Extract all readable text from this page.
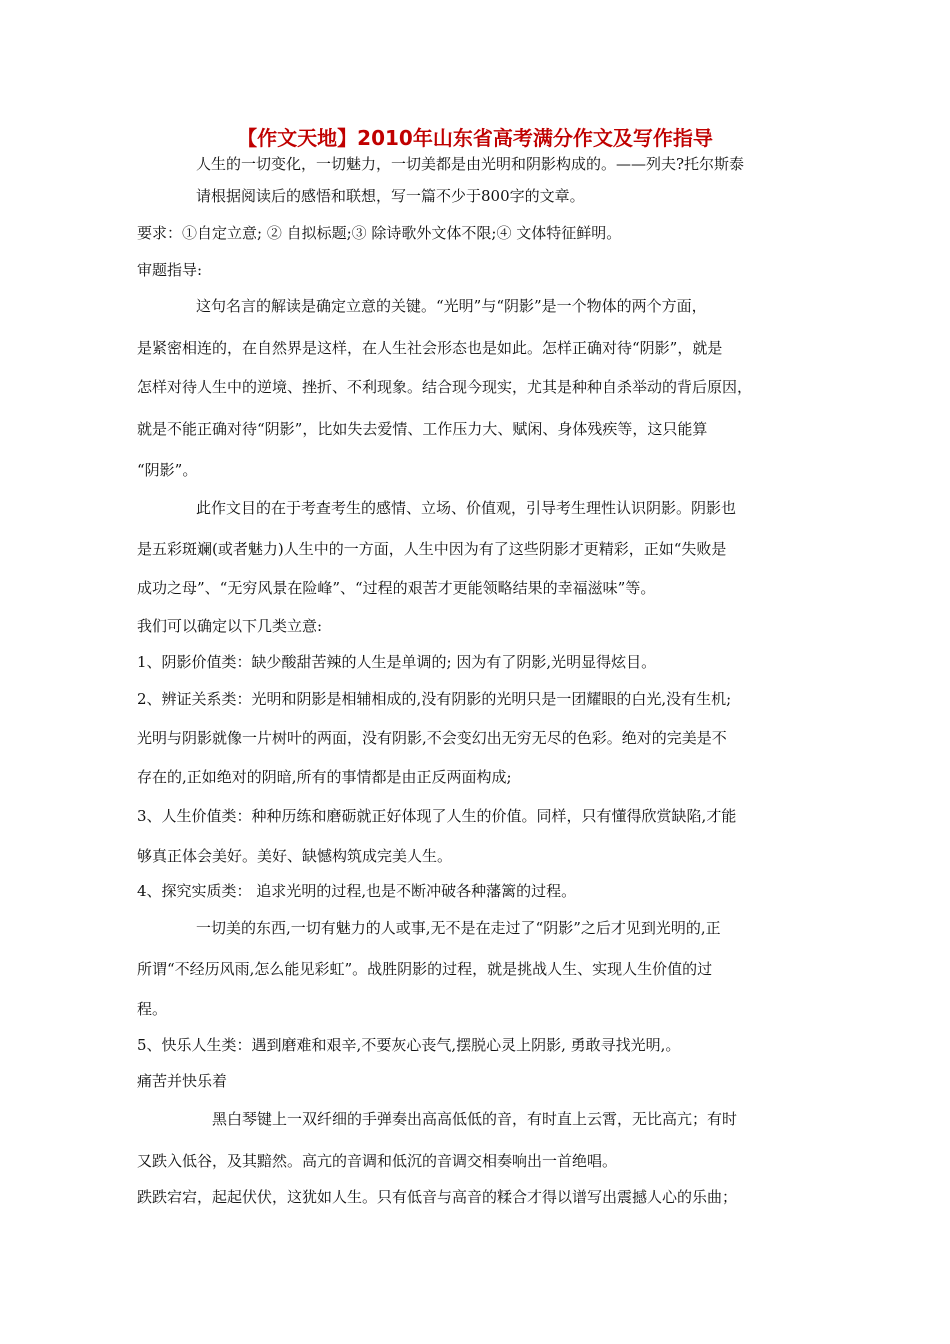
【作文天地】2010年山东省高考满分作文及写作指导
人生的一切变化，一切魅力，一切美都是由光明和阴影构成的。——列夫?托尔斯泰
请根据阅读后的感悟和联想，写一篇不少于800字的文章。
要求：①自定立意; ② 自拟标题;③ 除诗歌外文体不限;④ 文体特征鲜明。
审题指导:
这句名言的解读是确定立意的关键。“光明”与“阴影”是一个物体的两个方面，
是紧密相连的，在自然界是这样，在人生社会形态也是如此。怎样正确对待“阴影”，就是
怎样对待人生中的逆境、挫折、不利现象。结合现今现实，尤其是种种自杀举动的背后原因，
就是不能正确对待“阴影”，比如失去爱情、工作压力大、赋闲、身体残疾等，这只能算
“阴影”。
此作文目的在于考查考生的感情、立场、价值观，引导考生理性认识阴影。阴影也
是五彩斑斓(或者魅力)人生中的一方面，人生中因为有了这些阴影才更精彩，正如“失败是
成功之母”、“无穷风景在险峰”、“过程的艰苦才更能领略结果的幸福滋味”等。
我们可以确定以下几类立意:
1、阴影价值类：缺少酸甜苦辣的人生是单调的; 因为有了阴影,光明显得炫目。
2、辨证关系类：光明和阴影是相辅相成的,没有阴影的光明只是一团耀眼的白光,没有生机;
光明与阴影就像一片树叶的两面，没有阴影,不会变幻出无穷无尽的色彩。绝对的完美是不
存在的,正如绝对的阴暗,所有的事情都是由正反两面构成;
3、人生价值类：种种历练和磨砺就正好体现了人生的价值。同样，只有懂得欣赏缺陷,才能
够真正体会美好。美好、缺憾构筑成完美人生。
4、探究实质类： 追求光明的过程,也是不断冲破各种藩篱的过程。
一切美的东西,一切有魅力的人或事,无不是在走过了“阴影”之后才见到光明的,正
所谓“不经历风雨,怎么能见彩虹”。战胜阴影的过程，就是挑战人生、实现人生价值的过
程。
5、快乐人生类：遇到磨难和艰辛,不要灰心丧气,摆脱心灵上阴影, 勇敢寻找光明,。
痛苦并快乐着
黑白琴键上一双纤细的手弹奏出高高低低的音，有时直上云霄，无比高亢；有时
又跌入低谷，及其黯然。高亢的音调和低沉的音调交相奏响出一首绝唱。
跌跌宕宕，起起伏伏，这犹如人生。只有低音与高音的糅合才得以谱写出震撼人心的乐曲；
